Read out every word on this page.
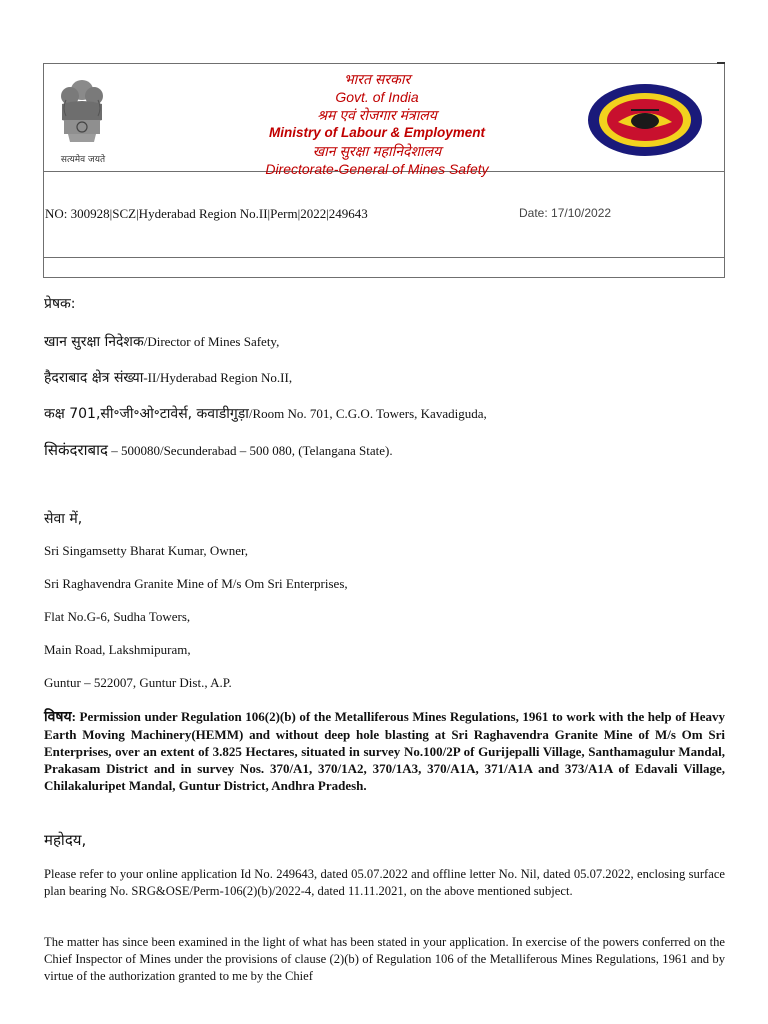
सत्यमेव जयते
भारत सरकार
Govt. of India
श्रम एवं रोजगार मंत्रालय
Ministry of Labour & Employment
खान सुरक्षा महानिदेशालय
Directorate-General of Mines Safety
NO: 300928|SCZ|Hyderabad Region No.II|Perm|2022|249643	Date: 17/10/2022
प्रेषक:
खान सुरक्षा निदेशक/Director of Mines Safety,
हैदराबाद क्षेत्र संख्या-II/Hyderabad Region No.II,
कक्ष 701,सी॰जी॰ओ॰टावेर्स, कवाडीगुड़ा/Room No. 701, C.G.O. Towers, Kavadiguda,
सिकंदराबाद – 500080/Secunderabad – 500 080, (Telangana State).
सेवा में,
Sri Singamsetty Bharat Kumar, Owner,
Sri Raghavendra Granite Mine of M/s Om Sri Enterprises,
Flat No.G-6, Sudha Towers,
Main Road, Lakshmipuram,
Guntur – 522007, Guntur Dist., A.P.
विषय: Permission under Regulation 106(2)(b) of the Metalliferous Mines Regulations, 1961 to work with the help of Heavy Earth Moving Machinery(HEMM) and without deep hole blasting at Sri Raghavendra Granite Mine of M/s Om Sri Enterprises, over an extent of 3.825 Hectares, situated in survey No.100/2P of Gurijepalli Village, Santhamagulur Mandal, Prakasam District and in survey Nos. 370/A1, 370/1A2, 370/1A3, 370/A1A, 371/A1A and 373/A1A of Edavali Village, Chilakaluripet Mandal, Guntur District, Andhra Pradesh.
महोदय,
Please refer to your online application Id No. 249643, dated 05.07.2022 and offline letter No. Nil, dated 05.07.2022, enclosing surface plan bearing No. SRG&OSE/Perm-106(2)(b)/2022-4, dated 11.11.2021, on the above mentioned subject.
The matter has since been examined in the light of what has been stated in your application. In exercise of the powers conferred on the Chief Inspector of Mines under the provisions of clause (2)(b) of Regulation 106 of the Metalliferous Mines Regulations, 1961 and by virtue of the authorization granted to me by the Chief
